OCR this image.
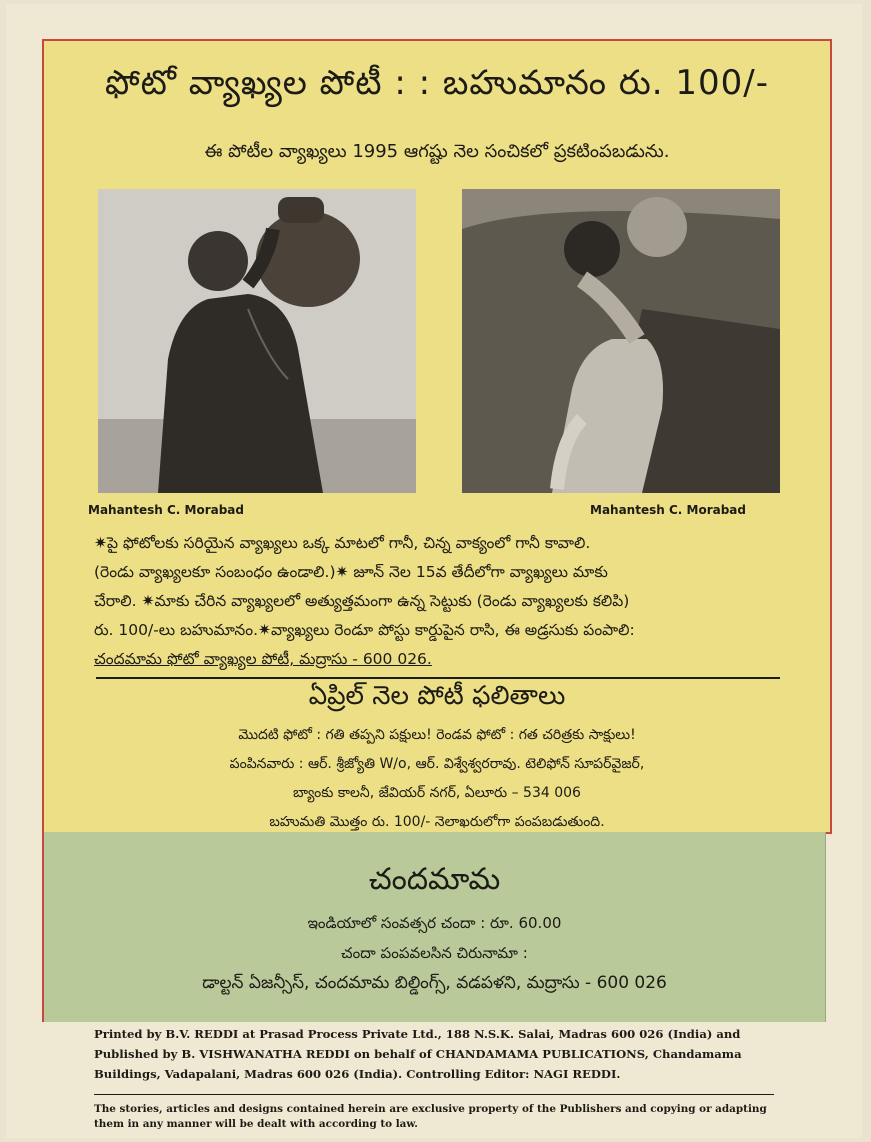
ఫోటో వ్యాఖ్యల పోటీ : : బహుమానం రు. 100/-
ఈ పోటీల వ్యాఖ్యలు 1995 ఆగష్టు నెల సంచికలో ప్రకటింపబడును.
Mahantesh C. Morabad	Mahantesh C. Morabad

✷పై ఫోటోలకు సరియైన వ్యాఖ్యలు ఒక్క మాటలో గానీ, చిన్న వాక్యంలో గానీ కావాలి.

(రెండు వ్యాఖ్యలకూ సంబంధం ఉండాలి.)✷ జూన్ నెల 15వ తేదీలోగా వ్యాఖ్యలు మాకు

చేరాలి. ✷మాకు చేరిన వ్యాఖ్యలలో అత్యుత్తమంగా ఉన్న సెట్టుకు (రెండు వ్యాఖ్యలకు కలిపి)

రు. 100/-లు బహుమానం.✷వ్యాఖ్యలు రెండూ పోస్టు కార్డుపైన రాసి, ఈ అడ్రసుకు పంపాలి:

చందమామ ఫోటో వ్యాఖ్యల పోటీ, మద్రాసు - 600 026.

ఏప్రిల్ నెల పోటీ ఫలితాలు

మొదటి ఫోటో : గతి తప్పని పక్షులు! రెండవ ఫోటో : గత చరిత్రకు సాక్షులు!

పంపినవారు : ఆర్. శ్రీజ్యోతి W/o, ఆర్. విశ్వేశ్వరరావు. టెలిఫోన్ సూపర్‌వైజర్,

బ్యాంకు కాలనీ, జేవియర్ నగర్, ఏలూరు – 534 006

బహుమతి మొత్తం రు. 100/- నెలాఖరులోగా పంపబడుతుంది.

చందమామ

ఇండియాలో సంవత్సర చందా : రూ. 60.00

చందా పంపవలసిన చిరునామా :

డాల్టన్ ఏజన్సీస్, చందమామ బిల్డింగ్స్, వడపళని, మద్రాసు - 600 026

Printed by B.V. REDDI at Prasad Process Private Ltd., 188 N.S.K. Salai, Madras 600 026 (India) and Published by B. VISHWANATHA REDDI on behalf of CHANDAMAMA PUBLICATIONS, Chandamama Buildings, Vadapalani, Madras 600 026 (India). Controlling Editor: NAGI REDDI.
The stories, articles and designs contained herein are exclusive property of the Publishers and copying or adapting them in any manner will be dealt with according to law.
